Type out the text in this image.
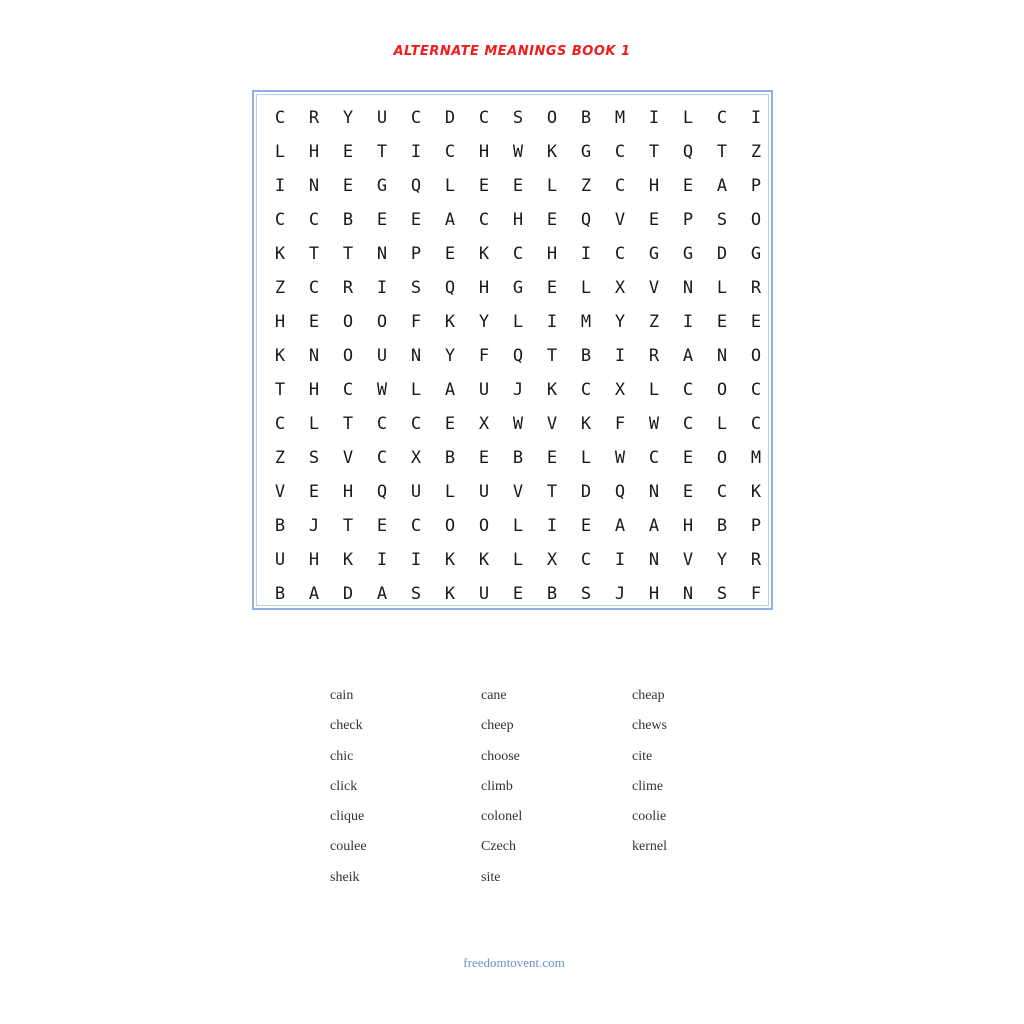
ALTERNATE MEANINGS BOOK 1
C	R	Y	U	C	D	C	S	O	B	M	I	L	C	I
L	H	E	T	I	C	H	W	K	G	C	T	Q	T	Z
I	N	E	G	Q	L	E	E	L	Z	C	H	E	A	P
C	C	B	E	E	A	C	H	E	Q	V	E	P	S	O
K	T	T	N	P	E	K	C	H	I	C	G	G	D	G
Z	C	R	I	S	Q	H	G	E	L	X	V	N	L	R
H	E	O	O	F	K	Y	L	I	M	Y	Z	I	E	E
K	N	O	U	N	Y	F	Q	T	B	I	R	A	N	O
T	H	C	W	L	A	U	J	K	C	X	L	C	O	C
C	L	T	C	C	E	X	W	V	K	F	W	C	L	C
Z	S	V	C	X	B	E	B	E	L	W	C	E	O	M
V	E	H	Q	U	L	U	V	T	D	Q	N	E	C	K
B	J	T	E	C	O	O	L	I	E	A	A	H	B	P
U	H	K	I	I	K	K	L	X	C	I	N	V	Y	R
B	A	D	A	S	K	U	E	B	S	J	H	N	S	F
cain	cane	cheap
check	cheep	chews
chic	choose	cite
click	climb	clime
clique	colonel	coolie
coulee	Czech	kernel
sheik	site
freedomtovent.com
